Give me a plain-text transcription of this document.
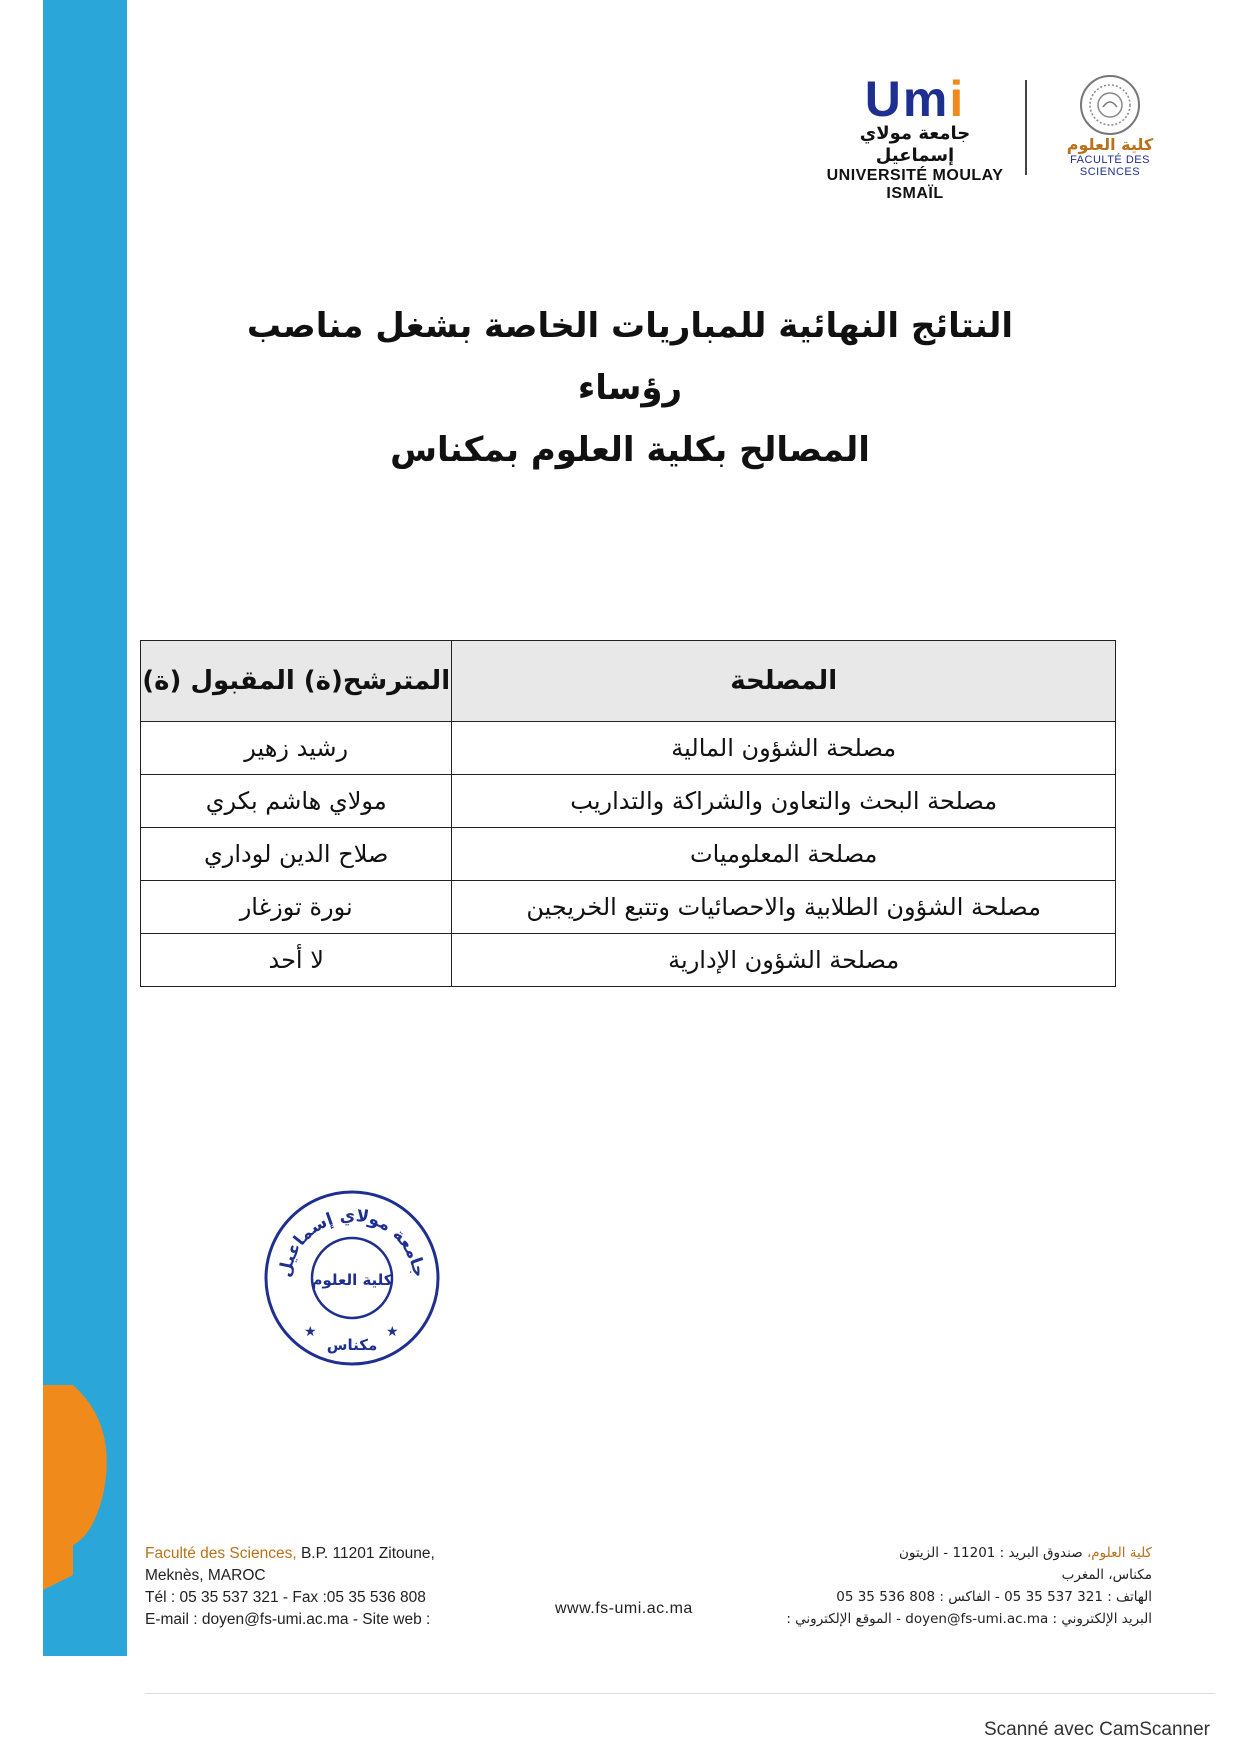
Umi
جامعة مولاي إسماعيل
UNIVERSITÉ MOULAY ISMAÏL
كلية العلوم
FACULTÉ DES SCIENCES
النتائج النهائية للمباريات الخاصة بشغل مناصب رؤساء
المصالح بكلية العلوم بمكناس
المصلحة	المترشح(ة) المقبول (ة)
مصلحة الشؤون المالية	رشيد زهير
مصلحة البحث والتعاون والشراكة والتداريب	مولاي هاشم بكري
مصلحة المعلوميات	صلاح الدين لوداري
مصلحة الشؤون الطلابية والاحصائيات وتتبع الخريجين	نورة توزغار
مصلحة الشؤون الإدارية	لا أحد
جامعة مولاي إسماعيل
كلية العلوم
مكناس
★	★
Faculté des Sciences, B.P. 11201 Zitoune,
Meknès, MAROC
Tél : 05 35 537 321 - Fax :05 35 536 808
E-mail : doyen@fs-umi.ac.ma - Site web :
www.fs-umi.ac.ma
كلية العلوم، صندوق البريد : 11201 - الزيتون
مكناس، المغرب
الهاتف : 321 537 35 05 - الفاكس : 808 536 35 05
البريد الإلكتروني : doyen@fs-umi.ac.ma - الموقع الإلكتروني :
Scanné avec CamScanner
